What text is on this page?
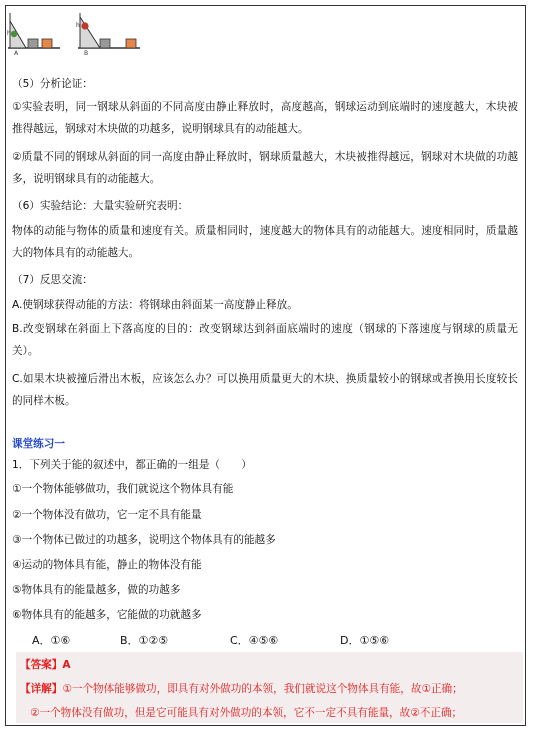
h
A
h
B
（5）分析论证：
①实验表明，同一钢球从斜面的不同高度由静止释放时，高度越高，钢球运动到底端时的速度越大，木块被推得越远，钢球对木块做的功越多，说明钢球具有的动能越大。
②质量不同的钢球从斜面的同一高度由静止释放时，钢球质量越大，木块被推得越远，钢球对木块做的功越多，说明钢球具有的动能越大。
（6）实验结论：大量实验研究表明：
物体的动能与物体的质量和速度有关。质量相同时，速度越大的物体具有的动能越大。速度相同时，质量越大的物体具有的动能越大。
（7）反思交流：
A.使钢球获得动能的方法：将钢球由斜面某一高度静止释放。
B.改变钢球在斜面上下落高度的目的：改变钢球达到斜面底端时的速度（钢球的下落速度与钢球的质量无关）。
C.如果木块被撞后滑出木板，应该怎么办？可以换用质量更大的木块、换质量较小的钢球或者换用长度较长的同样木板。
课堂练习一
1．下列关于能的叙述中，都正确的一组是（　　）
①一个物体能够做功，我们就说这个物体具有能
②一个物体没有做功，它一定不具有能量
③一个物体已做过的功越多，说明这个物体具有的能越多
④运动的物体具有能，静止的物体没有能
⑤物体具有的能量越多，做的功越多
⑥物体具有的能越多，它能做的功就越多
A．①⑥	B．①②⑤	C．④⑤⑥	D．①⑤⑥
【答案】A
【详解】①一个物体能够做功，即具有对外做功的本领，我们就说这个物体具有能，故①正确；
②一个物体没有做功，但是它可能具有对外做功的本领，它不一定不具有能量，故②不正确；
